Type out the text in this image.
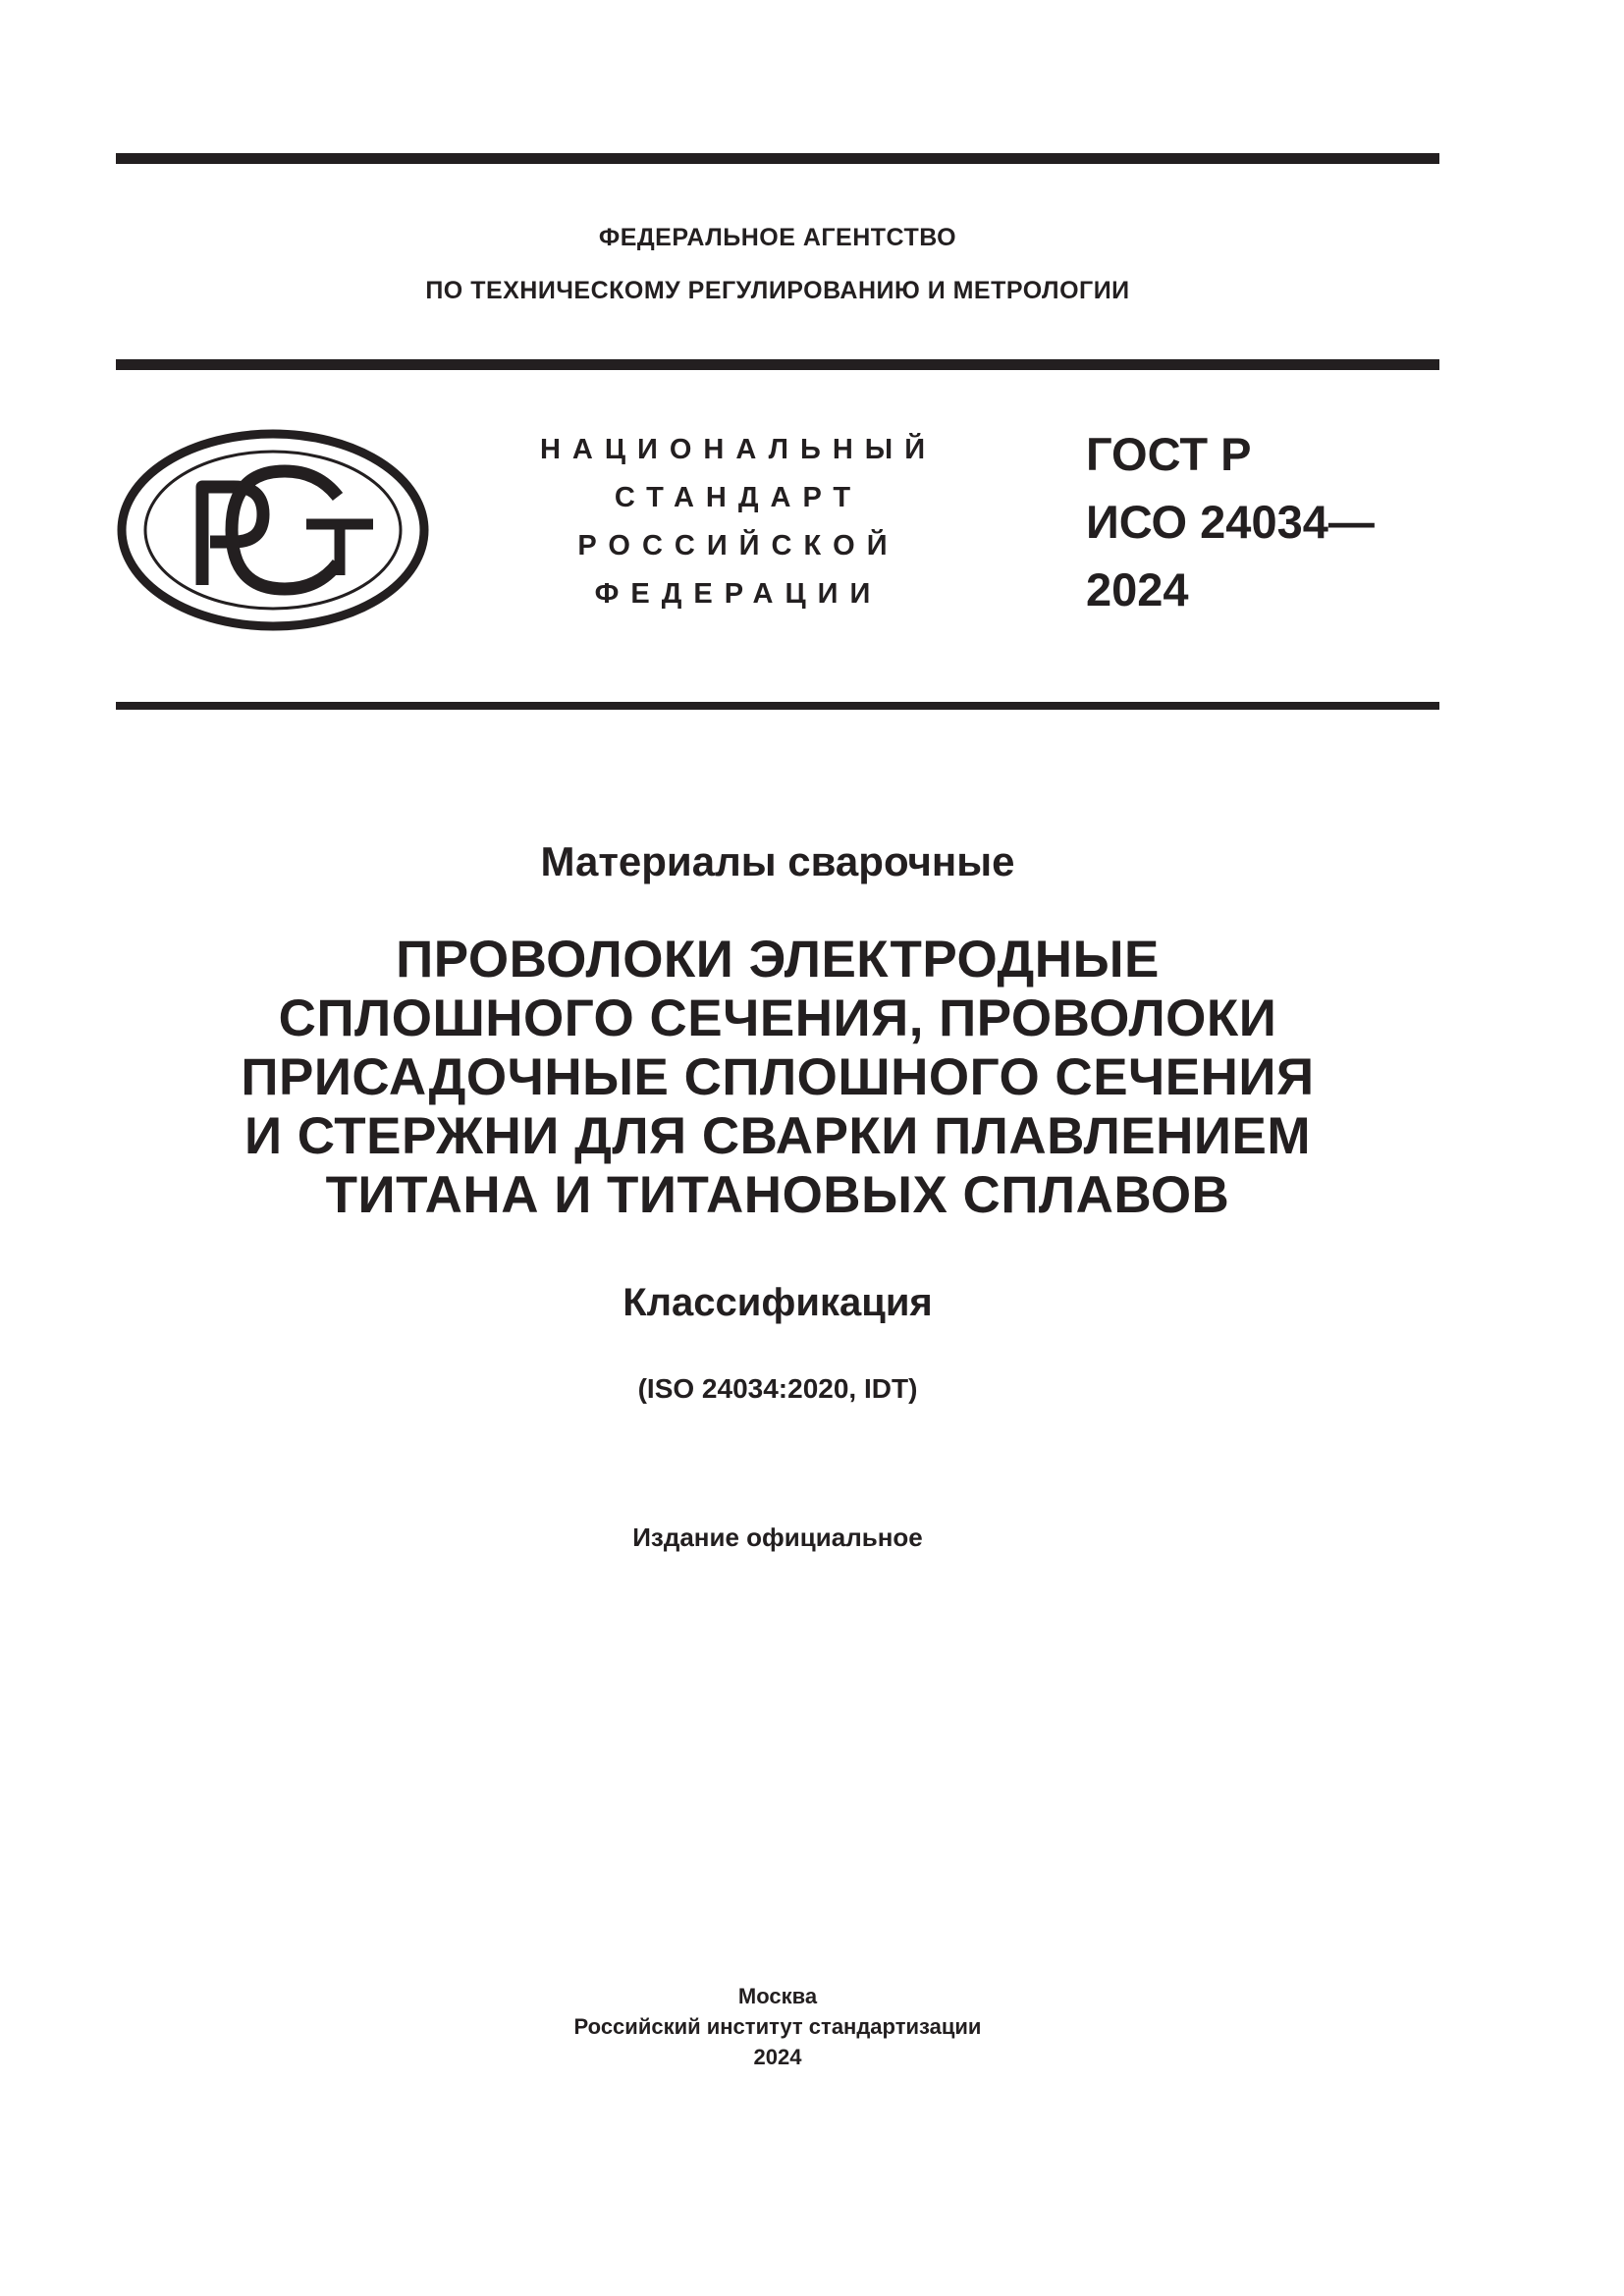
ФЕДЕРАЛЬНОЕ АГЕНТСТВО
ПО ТЕХНИЧЕСКОМУ РЕГУЛИРОВАНИЮ И МЕТРОЛОГИИ
НАЦИОНАЛЬНЫЙ
СТАНДАРТ
РОССИЙСКОЙ
ФЕДЕРАЦИИ
ГОСТ Р
ИСО 24034—
2024
Материалы сварочные
ПРОВОЛОКИ ЭЛЕКТРОДНЫЕ
СПЛОШНОГО СЕЧЕНИЯ, ПРОВОЛОКИ
ПРИСАДОЧНЫЕ СПЛОШНОГО СЕЧЕНИЯ
И СТЕРЖНИ ДЛЯ СВАРКИ ПЛАВЛЕНИЕМ
ТИТАНА И ТИТАНОВЫХ СПЛАВОВ
Классификация
(ISO 24034:2020, IDT)
Издание официальное
Москва
Российский институт стандартизации
2024
